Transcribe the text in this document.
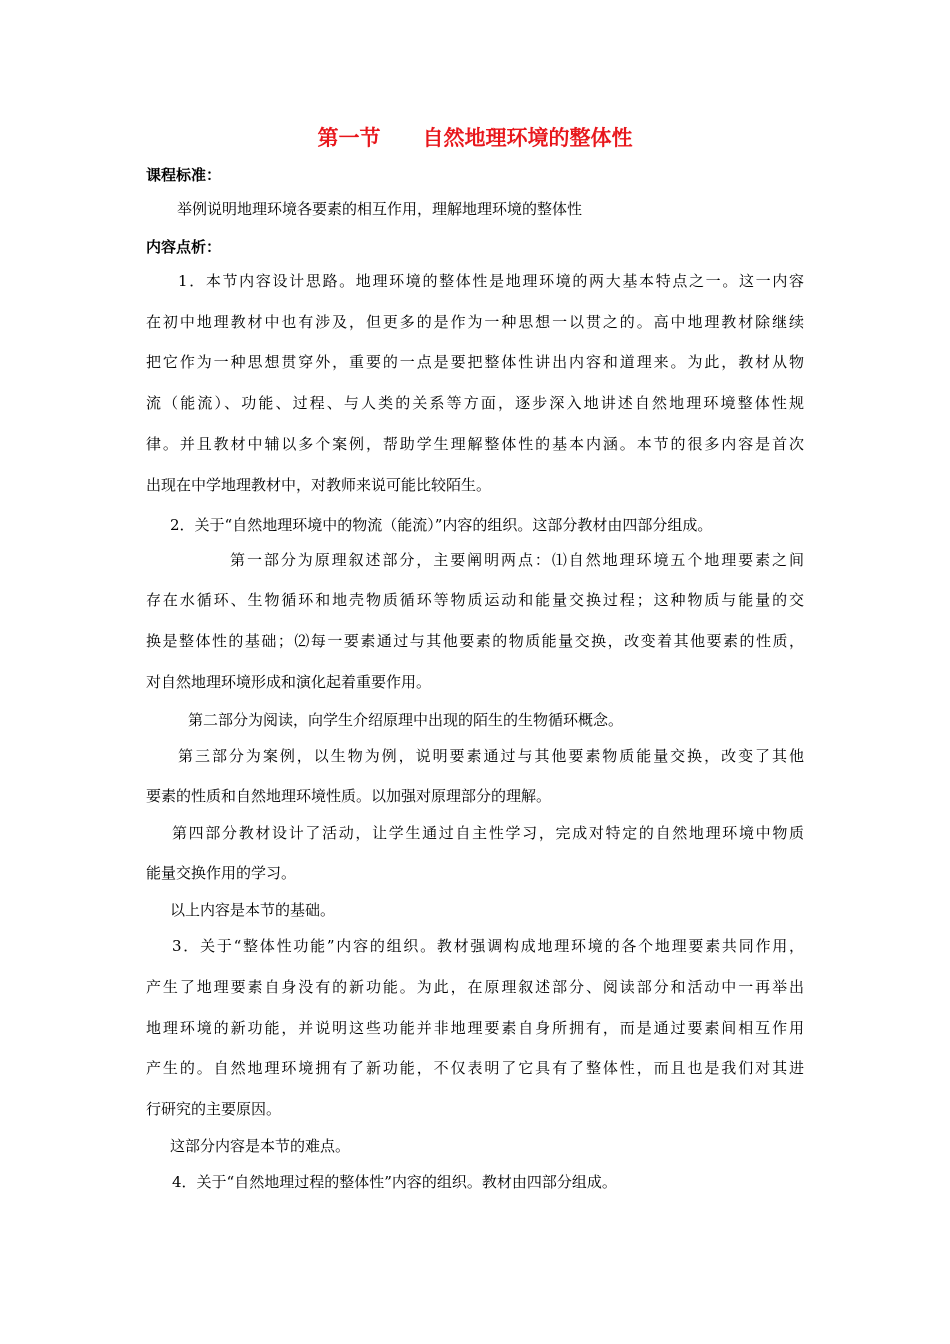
第一节　　自然地理环境的整体性
课程标准：
举例说明地理环境各要素的相互作用，理解地理环境的整体性
内容点析：
1．本节内容设计思路。地理环境的整体性是地理环境的两大基本特点之一。这一内容
在初中地理教材中也有涉及，但更多的是作为一种思想一以贯之的。高中地理教材除继续
把它作为一种思想贯穿外，重要的一点是要把整体性讲出内容和道理来。为此，教材从物
流（能流）、功能、过程、与人类的关系等方面，逐步深入地讲述自然地理环境整体性规
律。并且教材中辅以多个案例，帮助学生理解整体性的基本内涵。本节的很多内容是首次
出现在中学地理教材中，对教师来说可能比较陌生。
2．关于“自然地理环境中的物流（能流）”内容的组织。这部分教材由四部分组成。
第一部分为原理叙述部分，主要阐明两点：⑴自然地理环境五个地理要素之间
存在水循环、生物循环和地壳物质循环等物质运动和能量交换过程；这种物质与能量的交
换是整体性的基础；⑵每一要素通过与其他要素的物质能量交换，改变着其他要素的性质，
对自然地理环境形成和演化起着重要作用。
第二部分为阅读，向学生介绍原理中出现的陌生的生物循环概念。
第三部分为案例，以生物为例，说明要素通过与其他要素物质能量交换，改变了其他
要素的性质和自然地理环境性质。以加强对原理部分的理解。
第四部分教材设计了活动，让学生通过自主性学习，完成对特定的自然地理环境中物质
能量交换作用的学习。
以上内容是本节的基础。
3．关于“整体性功能”内容的组织。教材强调构成地理环境的各个地理要素共同作用，
产生了地理要素自身没有的新功能。为此，在原理叙述部分、阅读部分和活动中一再举出
地理环境的新功能，并说明这些功能并非地理要素自身所拥有，而是通过要素间相互作用
产生的。自然地理环境拥有了新功能，不仅表明了它具有了整体性，而且也是我们对其进
行研究的主要原因。
这部分内容是本节的难点。
4．关于“自然地理过程的整体性”内容的组织。教材由四部分组成。
